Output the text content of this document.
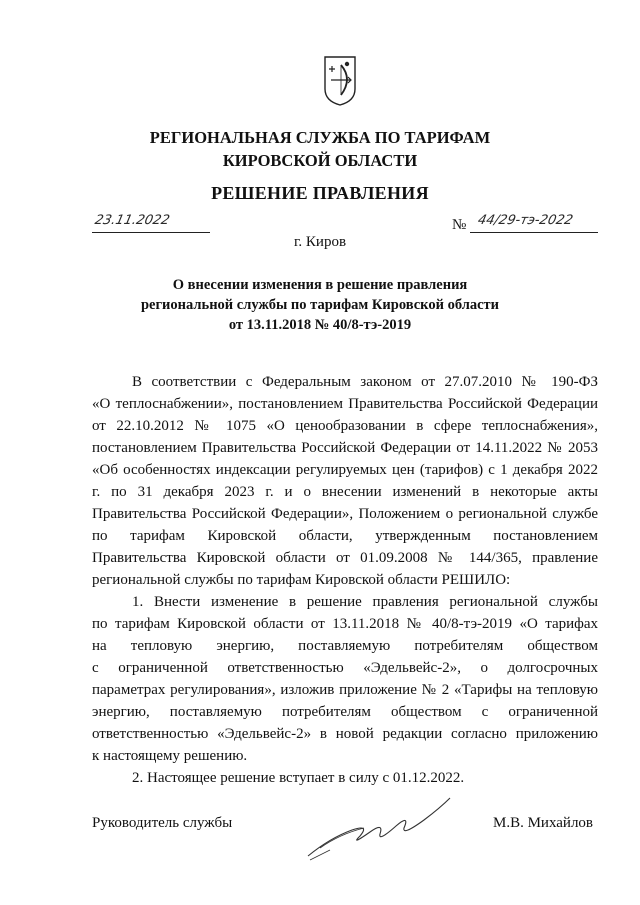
РЕГИОНАЛЬНАЯ СЛУЖБА ПО ТАРИФАМ
КИРОВСКОЙ ОБЛАСТИ
РЕШЕНИЕ ПРАВЛЕНИЯ
23.11.2022	№ 44/29-тэ-2022
г. Киров
О внесении изменения в решение правления
региональной службы по тарифам Кировской области
от 13.11.2018 № 40/8-тэ-2019
В соответствии с Федеральным законом от 27.07.2010 № 190-ФЗ
«О теплоснабжении», постановлением Правительства Российской Федерации
от 22.10.2012 № 1075 «О ценообразовании в сфере теплоснабжения»,
постановлением Правительства Российской Федерации от 14.11.2022 № 2053
«Об особенностях индексации регулируемых цен (тарифов) с 1 декабря 2022
г. по 31 декабря 2023 г. и о внесении изменений в некоторые акты
Правительства Российской Федерации», Положением о региональной службе
по тарифам Кировской области, утвержденным постановлением
Правительства Кировской области от 01.09.2008 № 144/365, правление
региональной службы по тарифам Кировской области РЕШИЛО:
1. Внести изменение в решение правления региональной службы
по тарифам Кировской области от 13.11.2018 № 40/8-тэ-2019 «О тарифах
на тепловую энергию, поставляемую потребителям обществом
с ограниченной ответственностью «Эдельвейс-2», о долгосрочных
параметрах регулирования», изложив приложение № 2 «Тарифы на тепловую
энергию, поставляемую потребителям обществом с ограниченной
ответственностью «Эдельвейс-2» в новой редакции согласно приложению
к настоящему решению.
2. Настоящее решение вступает в силу с 01.12.2022.
Руководитель службы	М.В. Михайлов
